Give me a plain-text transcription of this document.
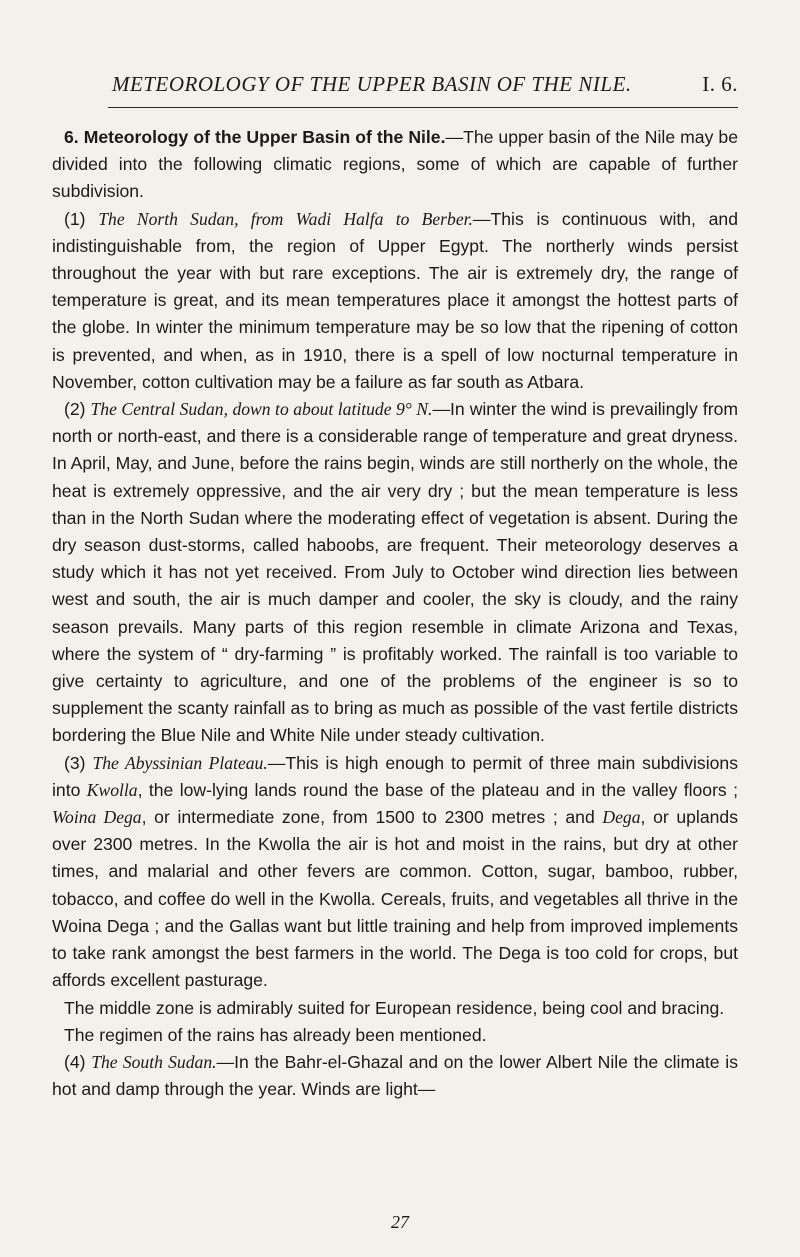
METEOROLOGY OF THE UPPER BASIN OF THE NILE.	I. 6.

6. Meteorology of the Upper Basin of the Nile.—The upper basin of the Nile may be divided into the following climatic regions, some of which are capable of further subdivision.

(1) The North Sudan, from Wadi Halfa to Berber.—This is continuous with, and indistinguishable from, the region of Upper Egypt. The northerly winds persist throughout the year with but rare exceptions. The air is extremely dry, the range of temperature is great, and its mean temperatures place it amongst the hottest parts of the globe. In winter the minimum temperature may be so low that the ripening of cotton is prevented, and when, as in 1910, there is a spell of low nocturnal temperature in November, cotton cultivation may be a failure as far south as Atbara.

(2) The Central Sudan, down to about latitude 9° N.—In winter the wind is prevailingly from north or north-east, and there is a considerable range of temperature and great dryness. In April, May, and June, before the rains begin, winds are still northerly on the whole, the heat is extremely oppressive, and the air very dry ; but the mean temperature is less than in the North Sudan where the moderating effect of vegetation is absent. During the dry season dust-storms, called haboobs, are frequent. Their meteorology deserves a study which it has not yet received. From July to October wind direction lies between west and south, the air is much damper and cooler, the sky is cloudy, and the rainy season prevails. Many parts of this region resemble in climate Arizona and Texas, where the system of “ dry-farming ” is profitably worked. The rainfall is too variable to give certainty to agriculture, and one of the problems of the engineer is so to supplement the scanty rainfall as to bring as much as possible of the vast fertile districts bordering the Blue Nile and White Nile under steady cultivation.

(3) The Abyssinian Plateau.—This is high enough to permit of three main subdivisions into Kwolla, the low-lying lands round the base of the plateau and in the valley floors ; Woina Dega, or intermediate zone, from 1500 to 2300 metres ; and Dega, or uplands over 2300 metres. In the Kwolla the air is hot and moist in the rains, but dry at other times, and malarial and other fevers are common. Cotton, sugar, bamboo, rubber, tobacco, and coffee do well in the Kwolla. Cereals, fruits, and vegetables all thrive in the Woina Dega ; and the Gallas want but little training and help from improved implements to take rank amongst the best farmers in the world. The Dega is too cold for crops, but affords excellent pasturage.

The middle zone is admirably suited for European residence, being cool and bracing.

The regimen of the rains has already been mentioned.

(4) The South Sudan.—In the Bahr-el-Ghazal and on the lower Albert Nile the climate is hot and damp through the year. Winds are light—

27
